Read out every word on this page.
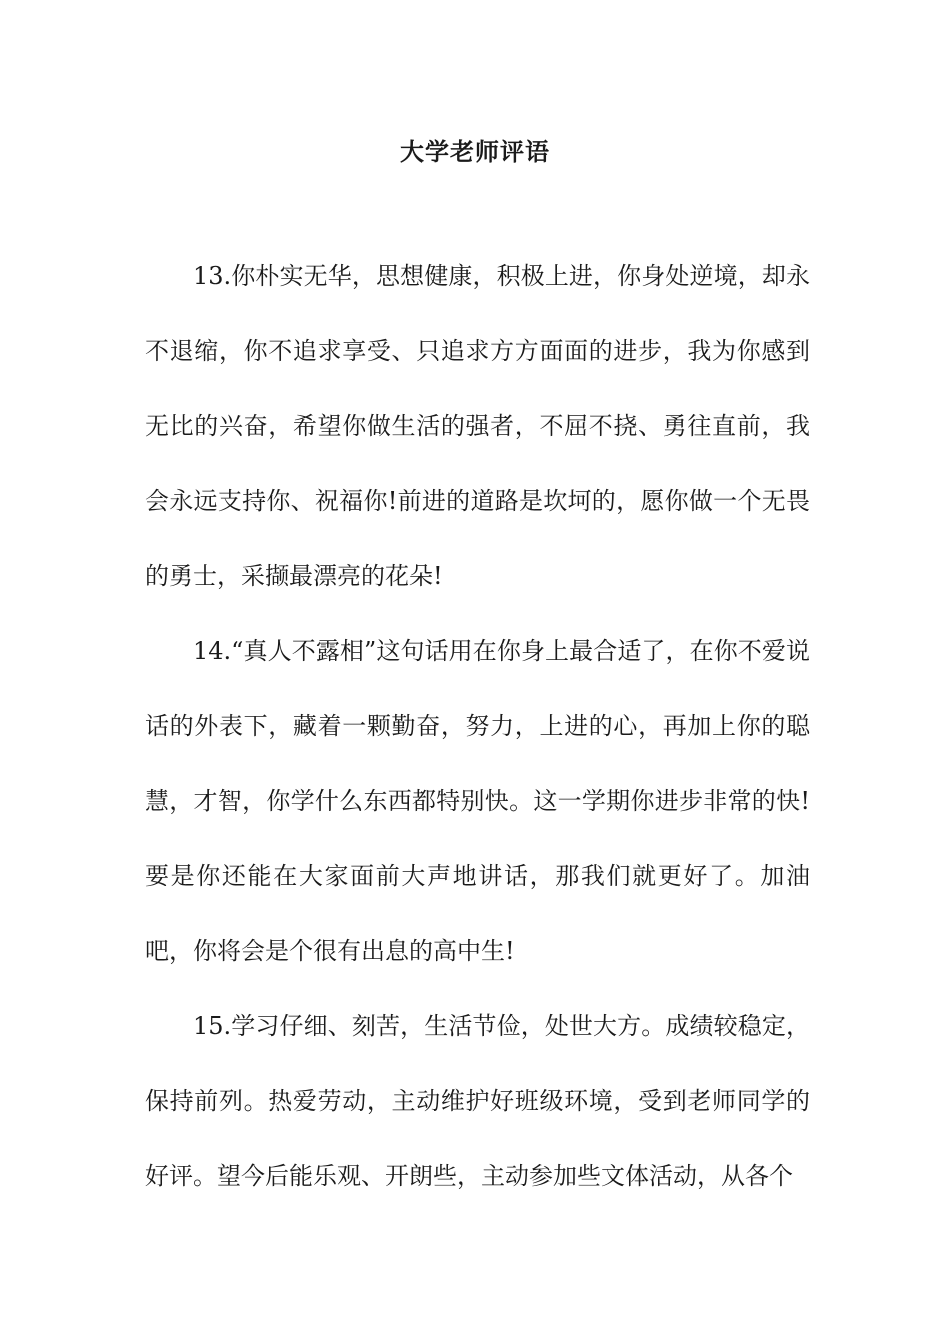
大学老师评语

13.你朴实无华，思想健康，积极上进，你身处逆境，却永不退缩，你不追求享受、只追求方方面面的进步，我为你感到无比的兴奋，希望你做生活的强者，不屈不挠、勇往直前，我会永远支持你、祝福你!前进的道路是坎坷的，愿你做一个无畏的勇士，采撷最漂亮的花朵!

14.“真人不露相”这句话用在你身上最合适了，在你不爱说话的外表下，藏着一颗勤奋，努力，上进的心，再加上你的聪慧，才智，你学什么东西都特别快。这一学期你进步非常的快!要是你还能在大家面前大声地讲话，那我们就更好了。加油吧，你将会是个很有出息的高中生!

15.学习仔细、刻苦，生活节俭，处世大方。成绩较稳定，保持前列。热爱劳动，主动维护好班级环境，受到老师同学的好评。望今后能乐观、开朗些，主动参加些文体活动，从各个
